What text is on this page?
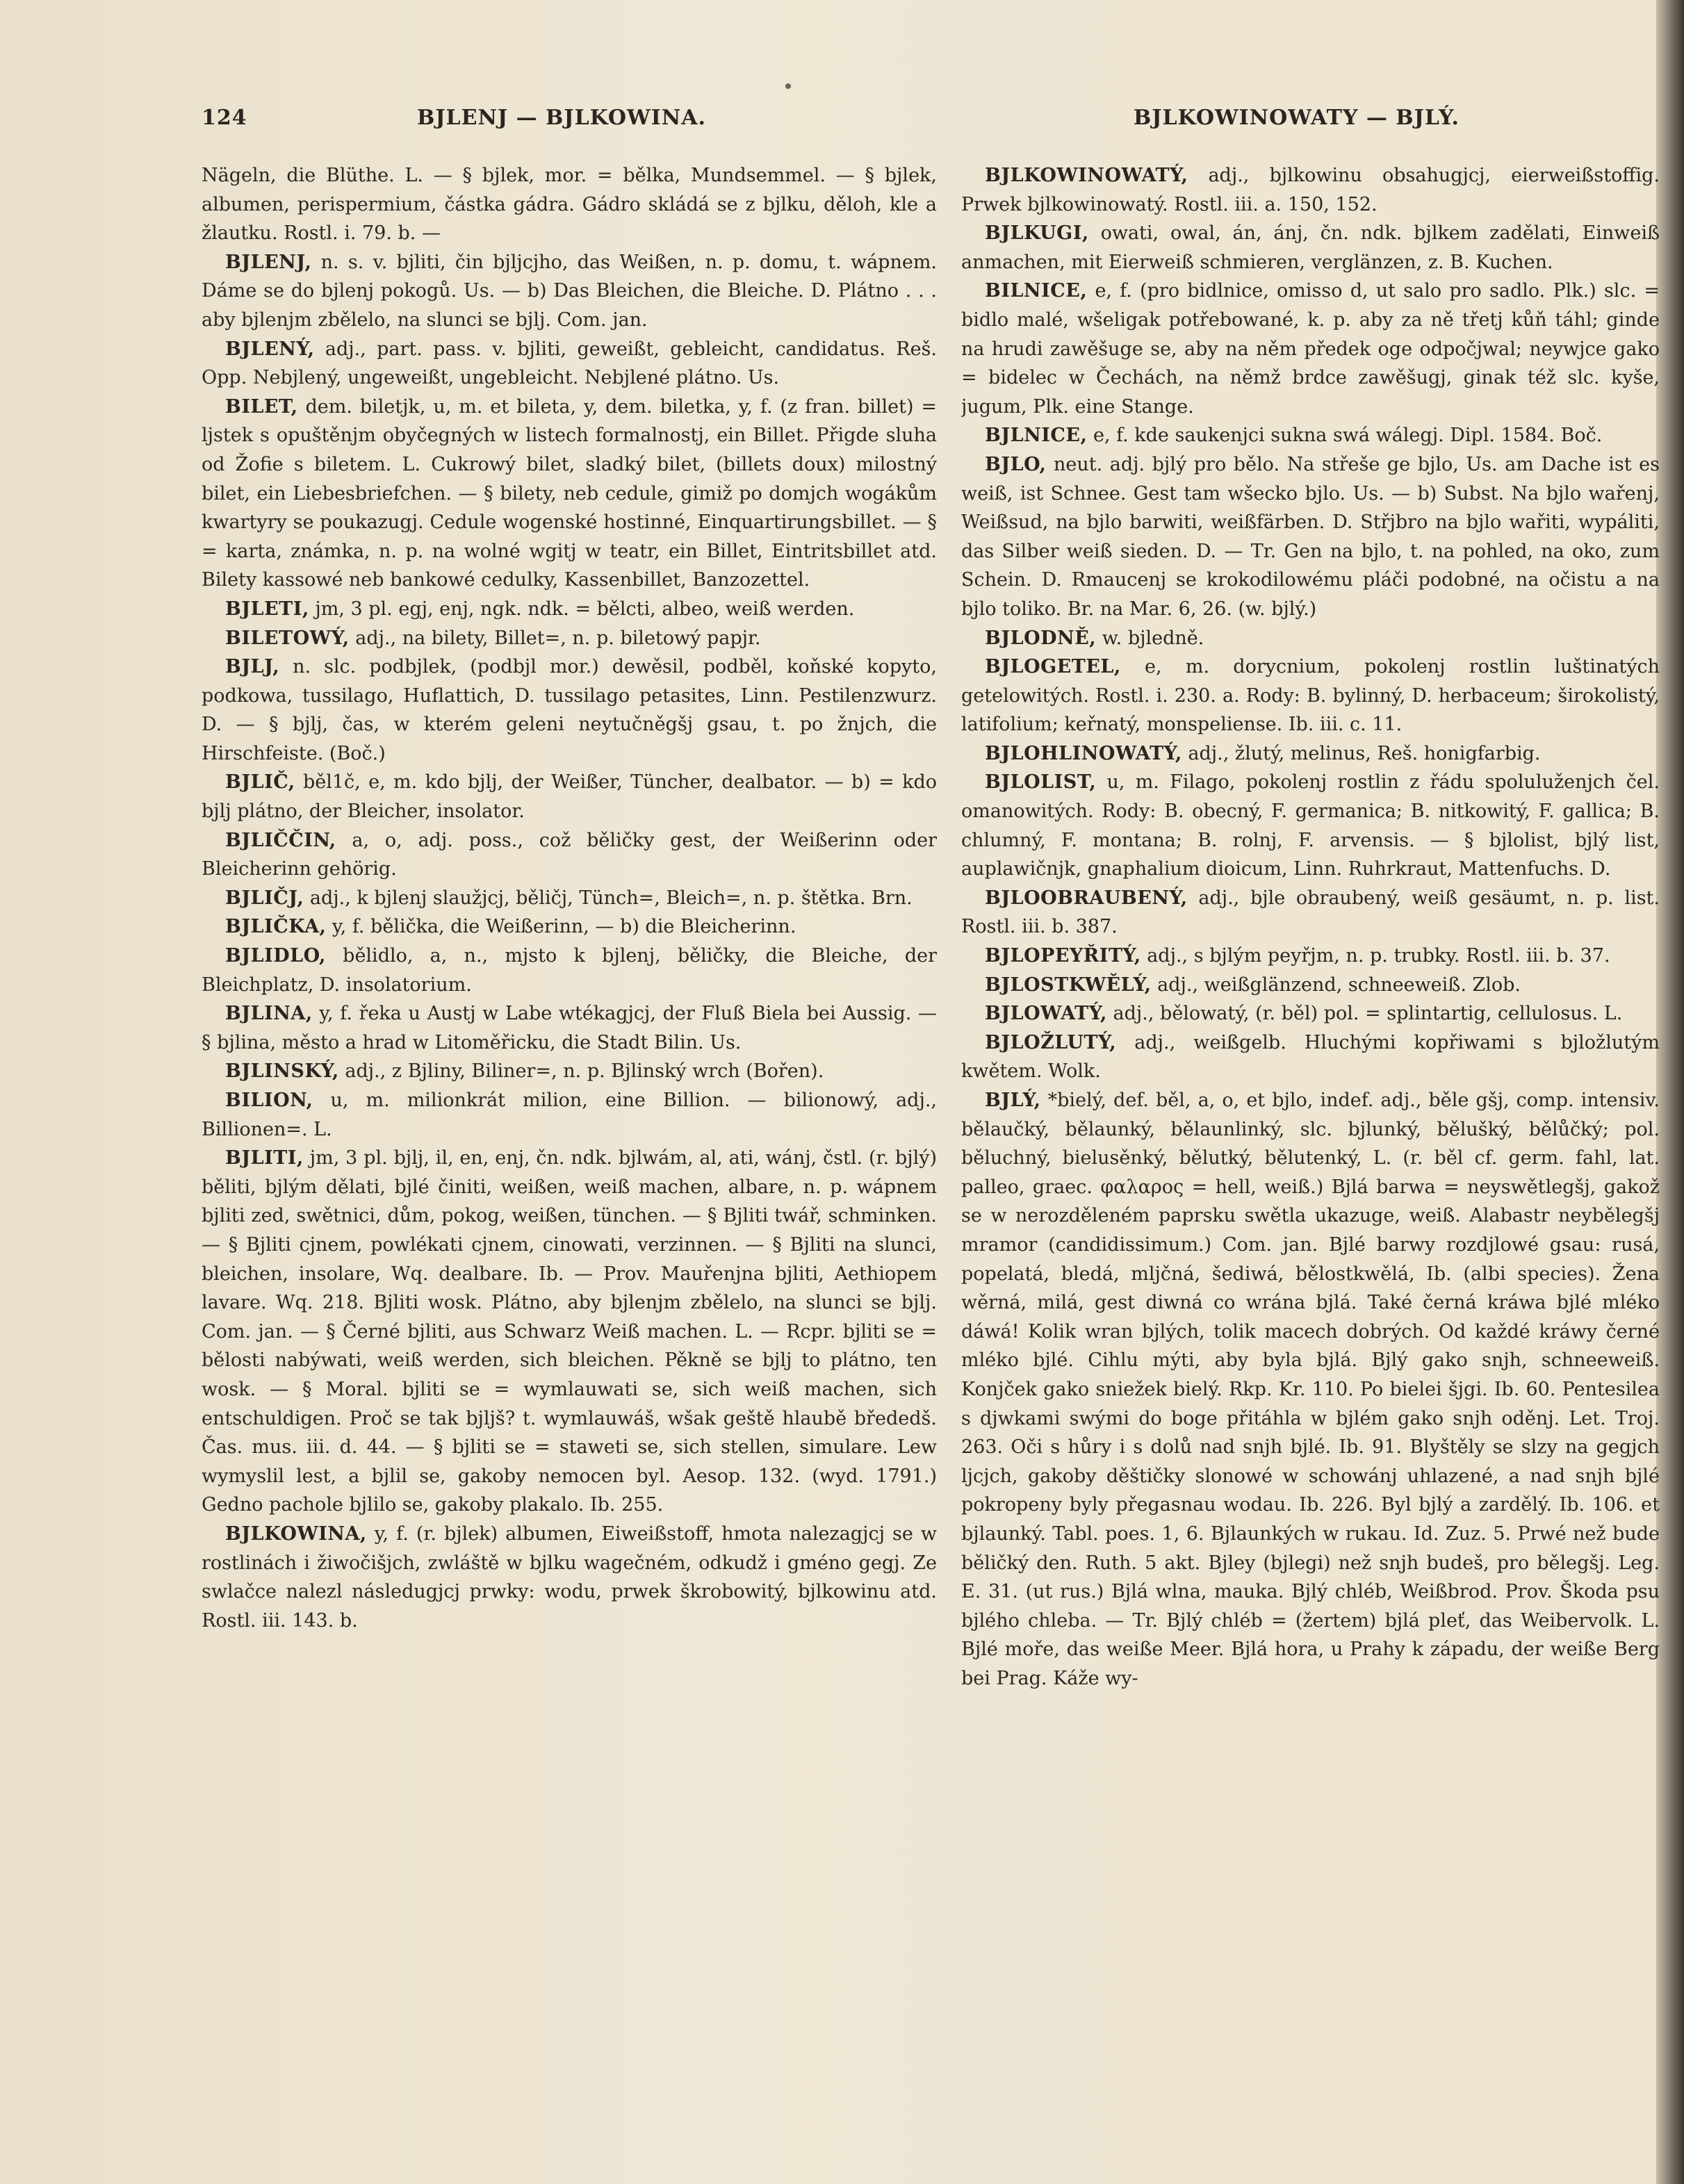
124	BJLENJ — BJLKOWINA.	BJLKOWINOWATY — BJLÝ.

Nägeln, die Blüthe. L. — § bjlek, mor. = bělka, Mundsemmel. — § bjlek, albumen, perispermium, částka gádra. Gádro skládá se z bjlku, děloh, kle a žlautku. Rostl. i. 79. b. —

BJLENJ, n. s. v. bjliti, čin bjljcjho, das Weißen, n. p. domu, t. wápnem. Dáme se do bjlenj pokogů. Us. — b) Das Bleichen, die Bleiche. D. Plátno . . . aby bjlenjm zbělelo, na slunci se bjlj. Com. jan.

BJLENÝ, adj., part. pass. v. bjliti, geweißt, gebleicht, candidatus. Reš. Opp. Nebjlený, ungeweißt, ungebleicht. Nebjlené plátno. Us.

BILET, dem. biletjk, u, m. et bileta, y, dem. biletka, y, f. (z fran. billet) = ljstek s opuštěnjm obyčegných w listech formalnostj, ein Billet. Přigde sluha od Žofie s biletem. L. Cukrowý bilet, sladký bilet, (billets doux) milostný bilet, ein Liebesbriefchen. — § bilety, neb cedule, gimiž po domjch wogákům kwartyry se poukazugj. Cedule wogenské hostinné, Einquartirungsbillet. — § = karta, známka, n. p. na wolné wgitj w teatr, ein Billet, Eintritsbillet atd. Bilety kassowé neb bankowé cedulky, Kassenbillet, Banzozettel.

BJLETI, jm, 3 pl. egj, enj, ngk. ndk. = bělcti, albeo, weiß werden.

BILETOWÝ, adj., na bilety, Billet=, n. p. biletowý papjr.

BJLJ, n. slc. podbjlek, (podbjl mor.) dewěsil, podběl, koňské kopyto, podkowa, tussilago, Huflattich, D. tussilago petasites, Linn. Pestilenzwurz. D. — § bjlj, čas, w kterém geleni neytučněgšj gsau, t. po žnjch, die Hirschfeiste. (Boč.)

BJLIČ, běl1č, e, m. kdo bjlj, der Weißer, Tüncher, dealbator. — b) = kdo bjlj plátno, der Bleicher, insolator.

BJLIČČIN, a, o, adj. poss., což běličky gest, der Weißerinn oder Bleicherinn gehörig.

BJLIČJ, adj., k bjlenj slaužjcj, běličj, Tünch=, Bleich=, n. p. štětka. Brn.

BJLIČKA, y, f. bělička, die Weißerinn, — b) die Bleicherinn.

BJLIDLO, bělidlo, a, n., mjsto k bjlenj, běličky, die Bleiche, der Bleichplatz, D. insolatorium.

BJLINA, y, f. řeka u Austj w Labe wtékagjcj, der Fluß Biela bei Aussig. — § bjlina, město a hrad w Litoměřicku, die Stadt Bilin. Us.

BJLINSKÝ, adj., z Bjliny, Biliner=, n. p. Bjlinský wrch (Bořen).

BILION, u, m. milionkrát milion, eine Billion. — bilionowý, adj., Billionen=. L.

BJLITI, jm, 3 pl. bjlj, il, en, enj, čn. ndk. bjlwám, al, ati, wánj, čstl. (r. bjlý) běliti, bjlým dělati, bjlé činiti, weißen, weiß machen, albare, n. p. wápnem bjliti zed, swětnici, dům, pokog, weißen, tünchen. — § Bjliti twář, schminken. — § Bjliti cjnem, powlékati cjnem, cinowati, verzinnen. — § Bjliti na slunci, bleichen, insolare, Wq. dealbare. Ib. — Prov. Mauřenjna bjliti, Aethiopem lavare. Wq. 218. Bjliti wosk. Plátno, aby bjlenjm zbělelo, na slunci se bjlj. Com. jan. — § Černé bjliti, aus Schwarz Weiß machen. L. — Rcpr. bjliti se = bělosti nabýwati, weiß werden, sich bleichen. Pěkně se bjlj to plátno, ten wosk. — § Moral. bjliti se = wymlauwati se, sich weiß machen, sich entschuldigen. Proč se tak bjljš? t. wymlauwáš, wšak geště hlaubě břededš. Čas. mus. iii. d. 44. — § bjliti se = staweti se, sich stellen, simulare. Lew wymyslil lest, a bjlil se, gakoby nemocen byl. Aesop. 132. (wyd. 1791.) Gedno pachole bjlilo se, gakoby plakalo. Ib. 255.

BJLKOWINA, y, f. (r. bjlek) albumen, Eiweißstoff, hmota nalezagjcj se w rostlinách i žiwočišjch, zwláště w bjlku wagečném, odkudž i gméno gegj. Ze swlačce nalezl následugjcj prwky: wodu, prwek škrobowitý, bjlkowinu atd. Rostl. iii. 143. b.

BJLKOWINOWATÝ, adj., bjlkowinu obsahugjcj, eierweißstoffig. Prwek bjlkowinowatý. Rostl. iii. a. 150, 152.

BJLKUGI, owati, owal, án, ánj, čn. ndk. bjlkem zadělati, Einweiß anmachen, mit Eierweiß schmieren, verglänzen, z. B. Kuchen.

BILNICE, e, f. (pro bidlnice, omisso d, ut salo pro sadlo. Plk.) slc. = bidlo malé, wšeligak potřebowané, k. p. aby za ně třetj kůň táhl; ginde na hrudi zawěšuge se, aby na něm předek oge odpočjwal; neywjce gako = bidelec w Čechách, na němž brdce zawěšugj, ginak též slc. kyše, jugum, Plk. eine Stange.

BJLNICE, e, f. kde saukenjci sukna swá wálegj. Dipl. 1584. Boč.

BJLO, neut. adj. bjlý pro bělo. Na střeše ge bjlo, Us. am Dache ist es weiß, ist Schnee. Gest tam wšecko bjlo. Us. — b) Subst. Na bjlo wařenj, Weißsud, na bjlo barwiti, weißfärben. D. Střjbro na bjlo wařiti, wypáliti, das Silber weiß sieden. D. — Tr. Gen na bjlo, t. na pohled, na oko, zum Schein. D. Rmaucenj se krokodilowému pláči podobné, na očistu a na bjlo toliko. Br. na Mar. 6, 26. (w. bjlý.)

BJLODNĚ, w. bjledně.

BJLOGETEL, e, m. dorycnium, pokolenj rostlin luštinatých getelowitých. Rostl. i. 230. a. Rody: B. bylinný, D. herbaceum; širokolistý, latifolium; keřnatý, monspeliense. Ib. iii. c. 11.

BJLOHLINOWATÝ, adj., žlutý, melinus, Reš. honigfarbig.

BJLOLIST, u, m. Filago, pokolenj rostlin z řádu spoluluženjch čel. omanowitých. Rody: B. obecný, F. germanica; B. nitkowitý, F. gallica; B. chlumný, F. montana; B. rolnj, F. arvensis. — § bjlolist, bjlý list, auplawičnjk, gnaphalium dioicum, Linn. Ruhrkraut, Mattenfuchs. D.

BJLOOBRAUBENÝ, adj., bjle obraubený, weiß gesäumt, n. p. list. Rostl. iii. b. 387.

BJLOPEYŘITÝ, adj., s bjlým peyřjm, n. p. trubky. Rostl. iii. b. 37.

BJLOSTKWĚLÝ, adj., weißglänzend, schneeweiß. Zlob.

BJLOWATÝ, adj., bělowatý, (r. běl) pol. = splintartig, cellulosus. L.

BJLOŽLUTÝ, adj., weißgelb. Hluchými kopřiwami s bjložlutým kwětem. Wolk.

BJLÝ, *bielý, def. běl, a, o, et bjlo, indef. adj., běle gšj, comp. intensiv. bělaučký, bělaunký, bělaunlinký, slc. bjlunký, bělušký, bělůčký; pol. běluchný, bielusěnký, bělutký, bělutenký, L. (r. běl cf. germ. fahl, lat. palleo, graec. φαλαρος = hell, weiß.) Bjlá barwa = neyswětlegšj, gakož se w nerozděleném paprsku swětla ukazuge, weiß. Alabastr neybělegšj mramor (candidissimum.) Com. jan. Bjlé barwy rozdjlowé gsau: rusá, popelatá, bledá, mljčná, šediwá, bělostkwělá, Ib. (albi species). Žena wěrná, milá, gest diwná co wrána bjlá. Také černá kráwa bjlé mléko dáwá! Kolik wran bjlých, tolik macech dobrých. Od každé kráwy černé mléko bjlé. Cihlu mýti, aby byla bjlá. Bjlý gako snjh, schneeweiß. Konjček gako sniežek bielý. Rkp. Kr. 110. Po bielei šjgi. Ib. 60. Pentesilea s djwkami swými do boge přitáhla w bjlém gako snjh oděnj. Let. Troj. 263. Oči s hůry i s dolů nad snjh bjlé. Ib. 91. Blyštěly se slzy na gegjch ljcjch, gakoby děštičky slonowé w schowánj uhlazené, a nad snjh bjlé pokropeny byly přegasnau wodau. Ib. 226. Byl bjlý a zardělý. Ib. 106. et bjlaunký. Tabl. poes. 1, 6. Bjlaunkých w rukau. Id. Zuz. 5. Prwé než bude běličký den. Ruth. 5 akt. Bjley (bjlegi) než snjh budeš, pro bělegšj. Leg. E. 31. (ut rus.) Bjlá wlna, mauka. Bjlý chléb, Weißbrod. Prov. Škoda psu bjlého chleba. — Tr. Bjlý chléb = (žertem) bjlá pleť, das Weibervolk. L. Bjlé moře, das weiße Meer. Bjlá hora, u Prahy k západu, der weiße Berg bei Prag. Káže wy-
